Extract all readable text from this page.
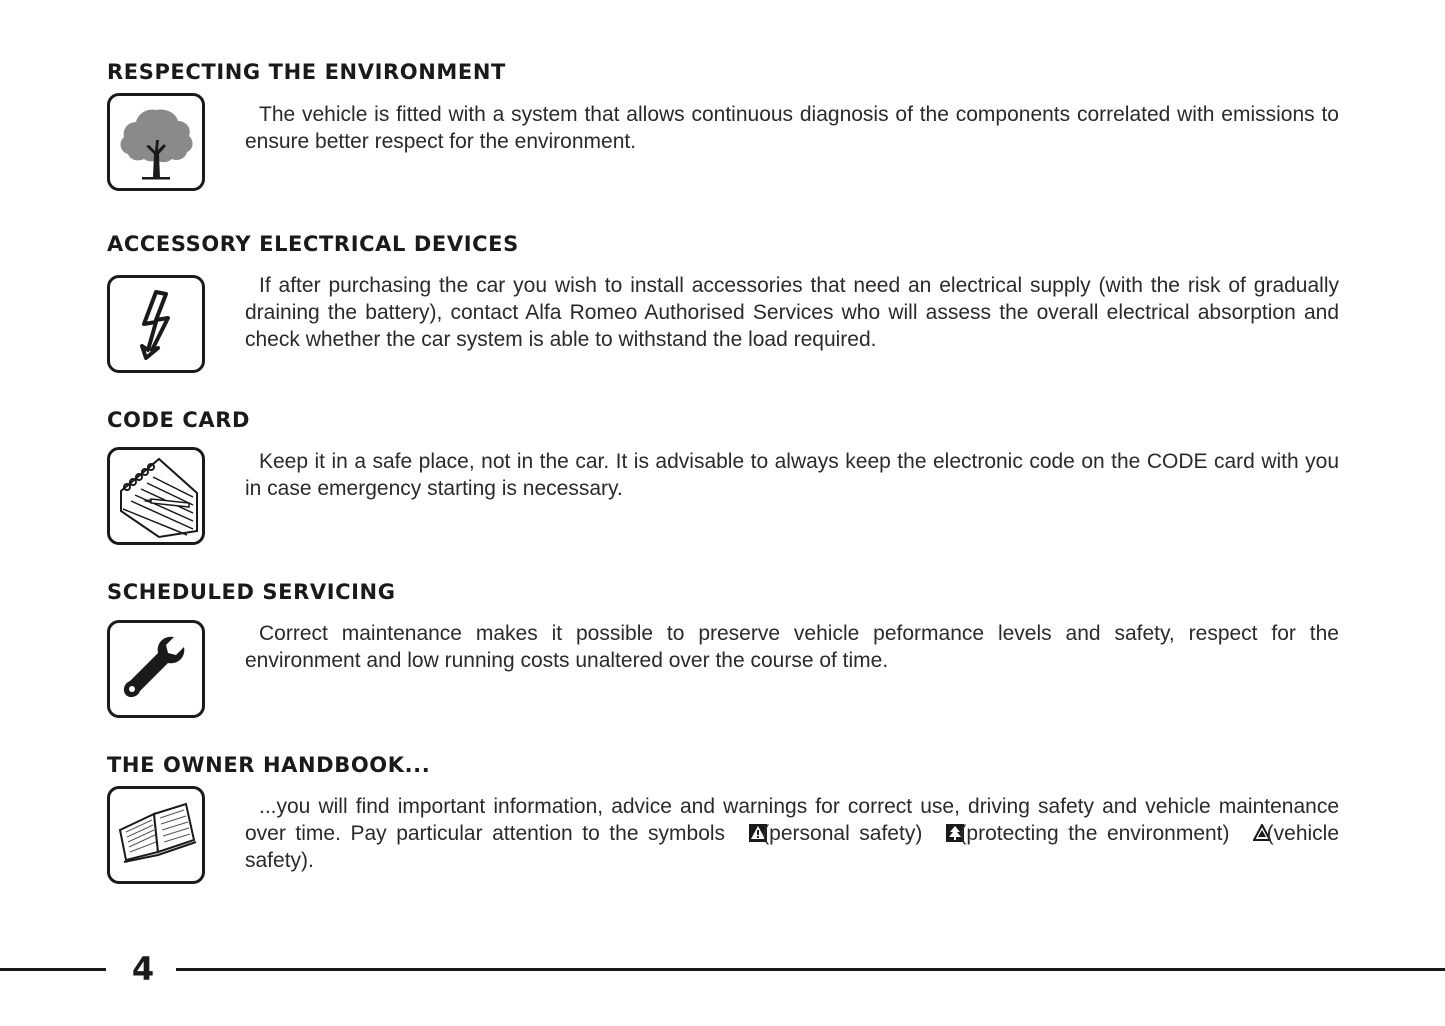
RESPECTING THE ENVIRONMENT
The vehicle is fitted with a system that allows continuous diagnosis of the components correlated with emissions to ensure better respect for the environment.
ACCESSORY ELECTRICAL DEVICES
If after purchasing the car you wish to install accessories that need an electrical supply (with the risk of gradually draining the battery), contact Alfa Romeo Authorised Services who will assess the overall electrical absorption and check whether the car system is able to withstand the load required.
CODE CARD
Keep it in a safe place, not in the car. It is advisable to always keep the electronic code on the CODE card with you in case emergency starting is necessary.
SCHEDULED SERVICING
Correct maintenance makes it possible to preserve vehicle peformance levels and safety, respect for the environment and low running costs unaltered over the course of time.
THE OWNER HANDBOOK...
...you will find important information, advice and warnings for correct use, driving safety and vehicle maintenance over time. Pay particular attention to the symbols (personal safety) (protecting the environment) (vehicle safety).
4
